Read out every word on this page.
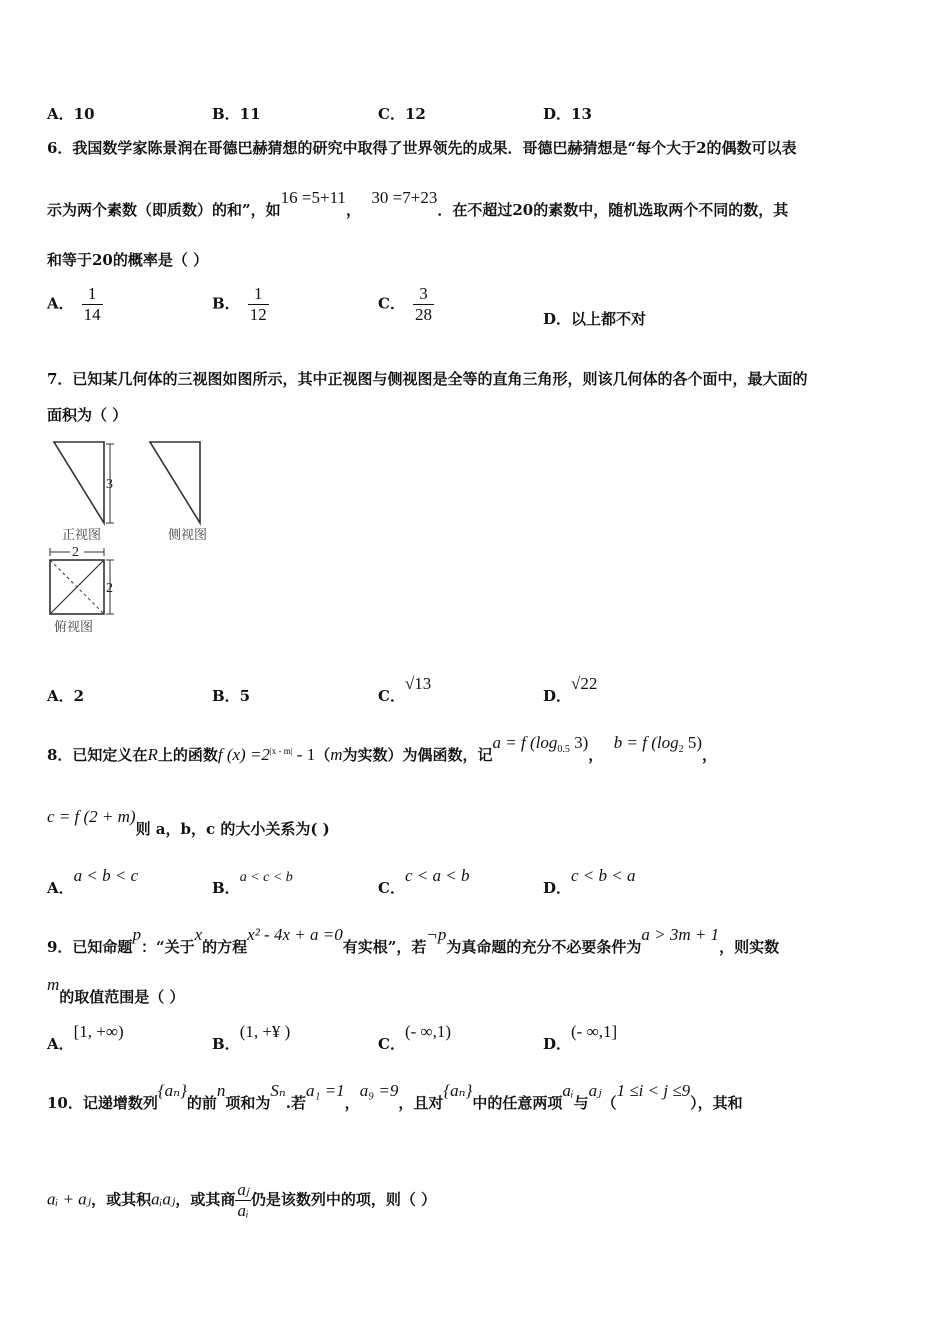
A．10	B．11	C．12	D．13
6．我国数学家陈景润在哥德巴赫猜想的研究中取得了世界领先的成果．哥德巴赫猜想是“每个大于2的偶数可以表
示为两个素数（即质数）的和”，如16 =5+11，  30 =7+23．在不超过20的素数中，随机选取两个不同的数，其
和等于20的概率是（ ）
A． $\frac{1}{14}$	B． $\frac{1}{12}$	C． $\frac{3}{28}$	D．以上都不对
7．已知某几何体的三视图如图所示，其中正视图与侧视图是全等的直角三角形，则该几何体的各个面中，最大面的
面积为（ ）
3
正视图	侧视图
2
2
俯视图
A．2	B．5	C．√13
D．√22
8．已知定义在R上的函数f $(x) =2^{|x - m|} - 1(m$为实数）为偶函数，记a = f ($\log_{0.5}$ 3)，  b = f ($\log_2$ 5)，
c = f (2 + m)则 a，b，c 的大小关系为( )
A．a < b < c
B．a < c < b
C．c < a < b
D．c < b < a
9．已知命题p：“关于x的方程x² - 4x + a =0有实根”，若¬p为真命题的充分不必要条件为a > 3m + 1，则实数
m的取值范围是（ ）
A．[1, +∞)
B．(1, +¥ )
C．(- ∞,1)
D．(- ∞,1]
10．记递增数列{aₙ}的前n项和为Sₙ.若a₁ =1，a₉ =9，且对{aₙ}中的任意两项aᵢ与aⱼ（1 ≤i < j ≤9），其和
aᵢ + aⱼ，或其积aᵢaⱼ，或其商 $\frac{\text{aⱼ}}{\text{aᵢ}}$ 仍是该数列中的项，则（ ）
